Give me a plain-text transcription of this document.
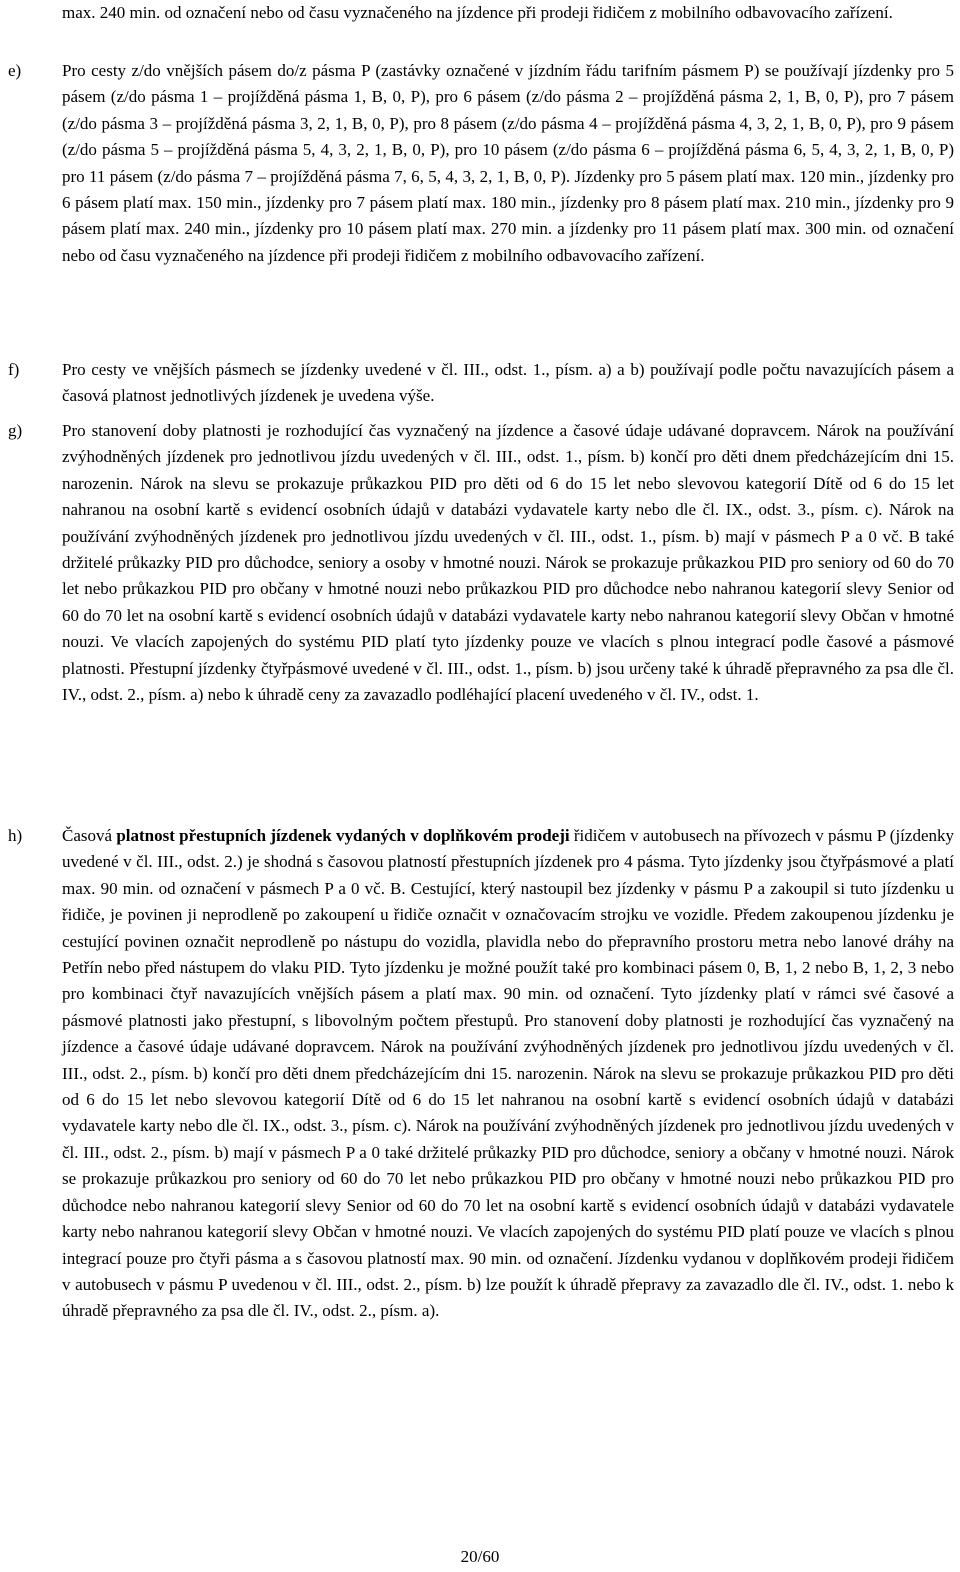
max. 240 min. od označení nebo od času vyznačeného na jízdence při prodeji řidičem z mobilního odbavovacího zařízení.
e)	Pro cesty z/do vnějších pásem do/z pásma P (zastávky označené v jízdním řádu tarifním pásmem P) se používají jízdenky pro 5 pásem (z/do pásma 1 – projížděná pásma 1, B, 0, P), pro 6 pásem (z/do pásma 2 – projížděná pásma 2, 1, B, 0, P), pro 7 pásem (z/do pásma 3 – projížděná pásma 3, 2, 1, B, 0, P), pro 8 pásem (z/do pásma 4 – projížděná pásma 4, 3, 2, 1, B, 0, P), pro 9 pásem (z/do pásma 5 – projížděná pásma 5, 4, 3, 2, 1, B, 0, P), pro 10 pásem (z/do pásma 6 – projížděná pásma 6, 5, 4, 3, 2, 1, B, 0, P) pro 11 pásem (z/do pásma 7 – projížděná pásma 7, 6, 5, 4, 3, 2, 1, B, 0, P). Jízdenky pro 5 pásem platí max. 120 min., jízdenky pro 6 pásem platí max. 150 min., jízdenky pro 7 pásem platí max. 180 min., jízdenky pro 8 pásem platí max. 210 min., jízdenky pro 9 pásem platí max. 240 min., jízdenky pro 10 pásem platí max. 270 min. a jízdenky pro 11 pásem platí max. 300 min. od označení nebo od času vyznačeného na jízdence při prodeji řidičem z mobilního odbavovacího zařízení.
f)	Pro cesty ve vnějších pásmech se jízdenky uvedené v čl. III., odst. 1., písm. a) a b) používají podle počtu navazujících pásem a časová platnost jednotlivých jízdenek je uvedena výše.
g)	Pro stanovení doby platnosti je rozhodující čas vyznačený na jízdence a časové údaje udávané dopravcem. Nárok na používání zvýhodněných jízdenek pro jednotlivou jízdu uvedených v čl. III., odst. 1., písm. b) končí pro děti dnem předcházejícím dni 15. narozenin. Nárok na slevu se prokazuje průkazkou PID pro děti od 6 do 15 let nebo slevovou kategorií Dítě od 6 do 15 let nahranou na osobní kartě s evidencí osobních údajů v databázi vydavatele karty nebo dle čl. IX., odst. 3., písm. c). Nárok na používání zvýhodněných jízdenek pro jednotlivou jízdu uvedených v čl. III., odst. 1., písm. b) mají v pásmech P a 0 vč. B také držitelé průkazky PID pro důchodce, seniory a osoby v hmotné nouzi. Nárok se prokazuje průkazkou PID pro seniory od 60 do 70 let nebo průkazkou PID pro občany v hmotné nouzi nebo průkazkou PID pro důchodce nebo nahranou kategorií slevy Senior od 60 do 70 let na osobní kartě s evidencí osobních údajů v databázi vydavatele karty nebo nahranou kategorií slevy Občan v hmotné nouzi. Ve vlacích zapojených do systému PID platí tyto jízdenky pouze ve vlacích s plnou integrací podle časové a pásmové platnosti. Přestupní jízdenky čtyřpásmové uvedené v čl. III., odst. 1., písm. b) jsou určeny také k úhradě přepravného za psa dle čl. IV., odst. 2., písm. a) nebo k úhradě ceny za zavazadlo podléhající placení uvedeného v čl. IV., odst. 1.
h)	Časová platnost přestupních jízdenek vydaných v doplňkovém prodeji řidičem v autobusech na přívozech v pásmu P (jízdenky uvedené v čl. III., odst. 2.) je shodná s časovou platností přestupních jízdenek pro 4 pásma. Tyto jízdenky jsou čtyřpásmové a platí max. 90 min. od označení v pásmech P a 0 vč. B. Cestující, který nastoupil bez jízdenky v pásmu P a zakoupil si tuto jízdenku u řidiče, je povinen ji neprodleně po zakoupení u řidiče označit v označovacím strojku ve vozidle. Předem zakoupenou jízdenku je cestující povinen označit neprodleně po nástupu do vozidla, plavidla nebo do přepravního prostoru metra nebo lanové dráhy na Petřín nebo před nástupem do vlaku PID. Tyto jízdenku je možné použít také pro kombinaci pásem 0, B, 1, 2 nebo B, 1, 2, 3 nebo pro kombinaci čtyř navazujících vnějších pásem a platí max. 90 min. od označení. Tyto jízdenky platí v rámci své časové a pásmové platnosti jako přestupní, s libovolným počtem přestupů. Pro stanovení doby platnosti je rozhodující čas vyznačený na jízdence a časové údaje udávané dopravcem. Nárok na používání zvýhodněných jízdenek pro jednotlivou jízdu uvedených v čl. III., odst. 2., písm. b) končí pro děti dnem předcházejícím dni 15. narozenin. Nárok na slevu se prokazuje průkazkou PID pro děti od 6 do 15 let nebo slevovou kategorií Dítě od 6 do 15 let nahranou na osobní kartě s evidencí osobních údajů v databázi vydavatele karty nebo dle čl. IX., odst. 3., písm. c). Nárok na používání zvýhodněných jízdenek pro jednotlivou jízdu uvedených v čl. III., odst. 2., písm. b) mají v pásmech P a 0 také držitelé průkazky PID pro důchodce, seniory a občany v hmotné nouzi. Nárok se prokazuje průkazkou pro seniory od 60 do 70 let nebo průkazkou PID pro občany v hmotné nouzi nebo průkazkou PID pro důchodce nebo nahranou kategorií slevy Senior od 60 do 70 let na osobní kartě s evidencí osobních údajů v databázi vydavatele karty nebo nahranou kategorií slevy Občan v hmotné nouzi. Ve vlacích zapojených do systému PID platí pouze ve vlacích s plnou integrací pouze pro čtyři pásma a s časovou platností max. 90 min. od označení. Jízdenku vydanou v doplňkovém prodeji řidičem v autobusech v pásmu P uvedenou v čl. III., odst. 2., písm. b) lze použít k úhradě přepravy za zavazadlo dle čl. IV., odst. 1. nebo k úhradě přepravného za psa dle čl. IV., odst. 2., písm. a).
20/60
